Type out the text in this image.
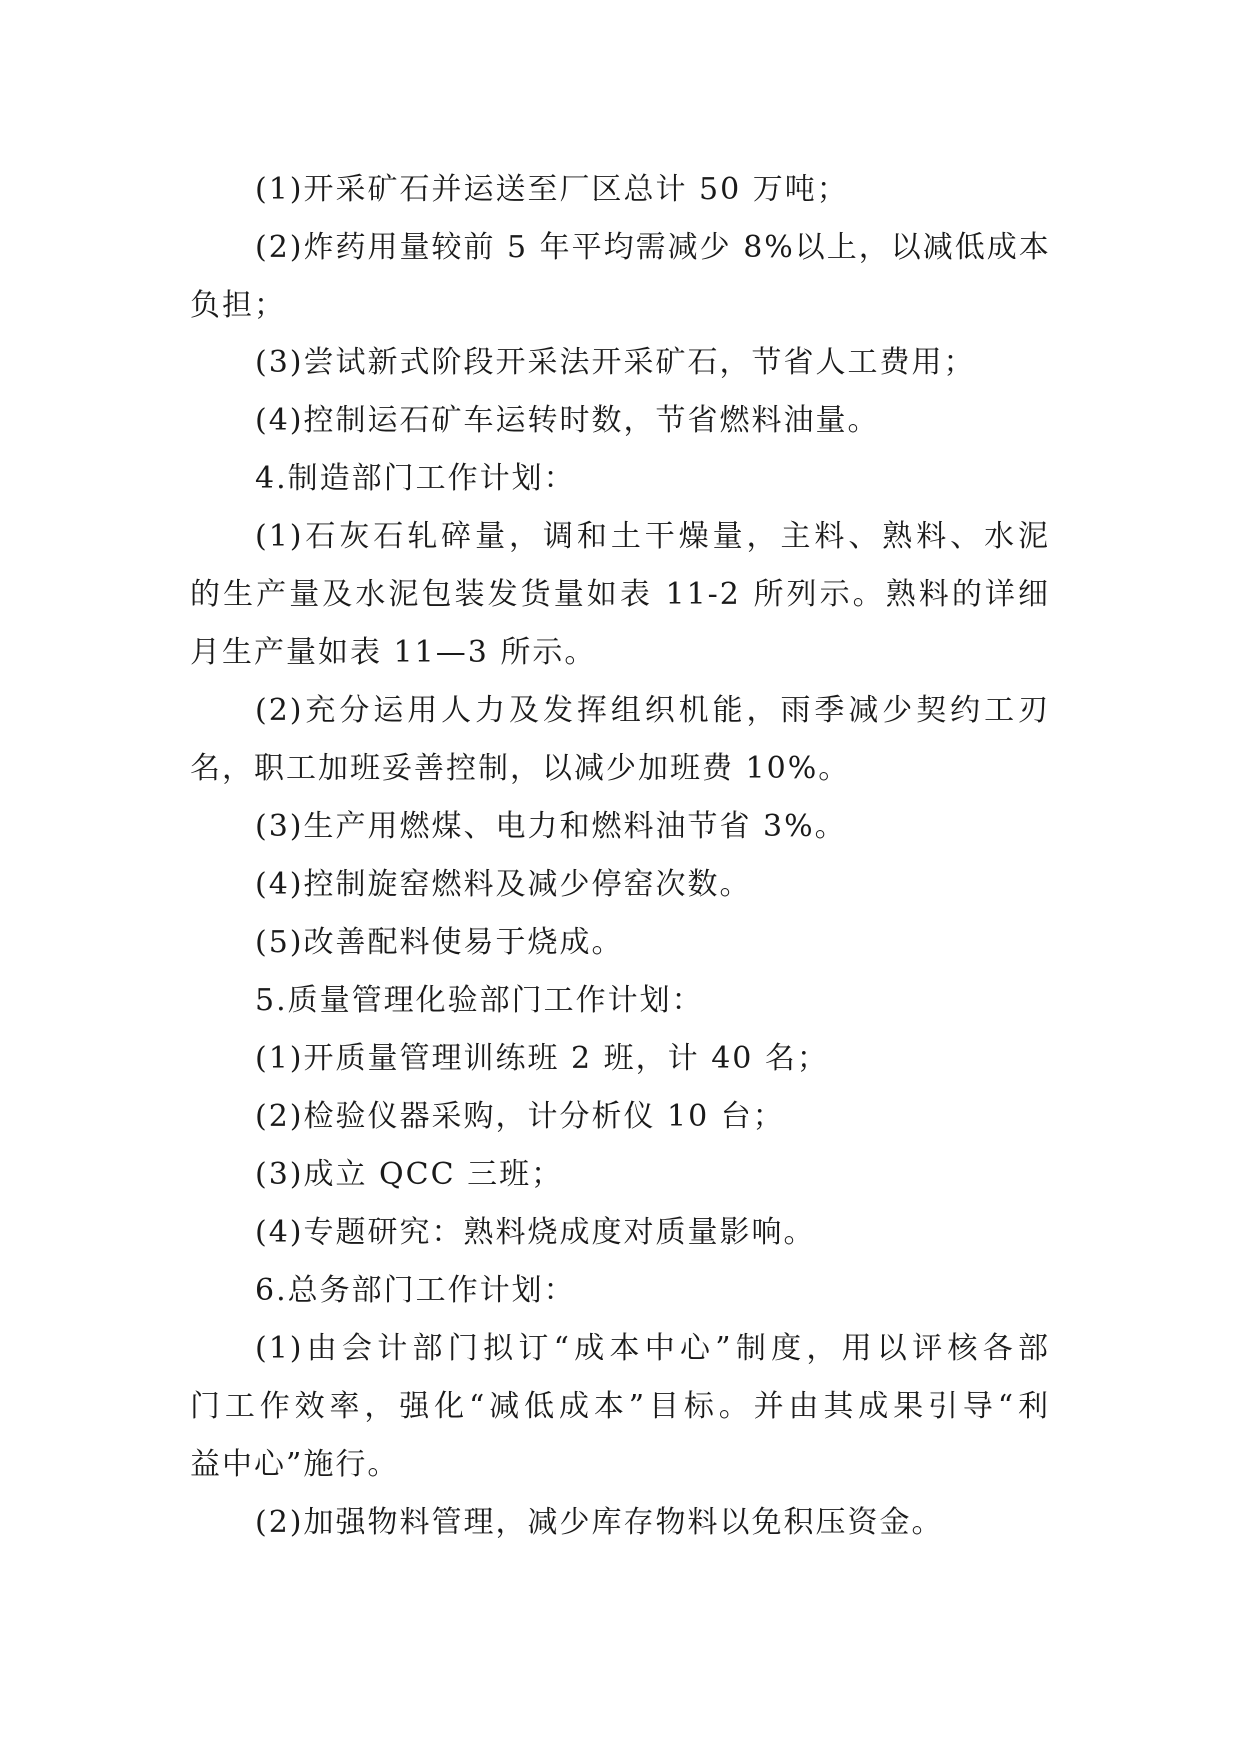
(1)开采矿石并运送至厂区总计 50 万吨；
(2)炸药用量较前 5 年平均需减少 8%以上，以减低成本
负担；
(3)尝试新式阶段开采法开采矿石，节省人工费用；
(4)控制运石矿车运转时数，节省燃料油量。
4.制造部门工作计划：
(1)石灰石轧碎量，调和土干燥量，主料、熟料、水泥
的生产量及水泥包装发货量如表 11-2 所列示。熟料的详细
月生产量如表 11—3 所示。
(2)充分运用人力及发挥组织机能，雨季减少契约工刃
名，职工加班妥善控制，以减少加班费 10%。
(3)生产用燃煤、电力和燃料油节省 3%。
(4)控制旋窑燃料及减少停窑次数。
(5)改善配料使易于烧成。
5.质量管理化验部门工作计划：
(1)开质量管理训练班 2 班，计 40 名；
(2)检验仪器采购，计分析仪 10 台；
(3)成立 QCC 三班；
(4)专题研究：熟料烧成度对质量影响。
6.总务部门工作计划：
(1)由会计部门拟订“成本中心”制度，用以评核各部
门工作效率，强化“减低成本”目标。并由其成果引导“利
益中心”施行。
(2)加强物料管理，减少库存物料以免积压资金。
